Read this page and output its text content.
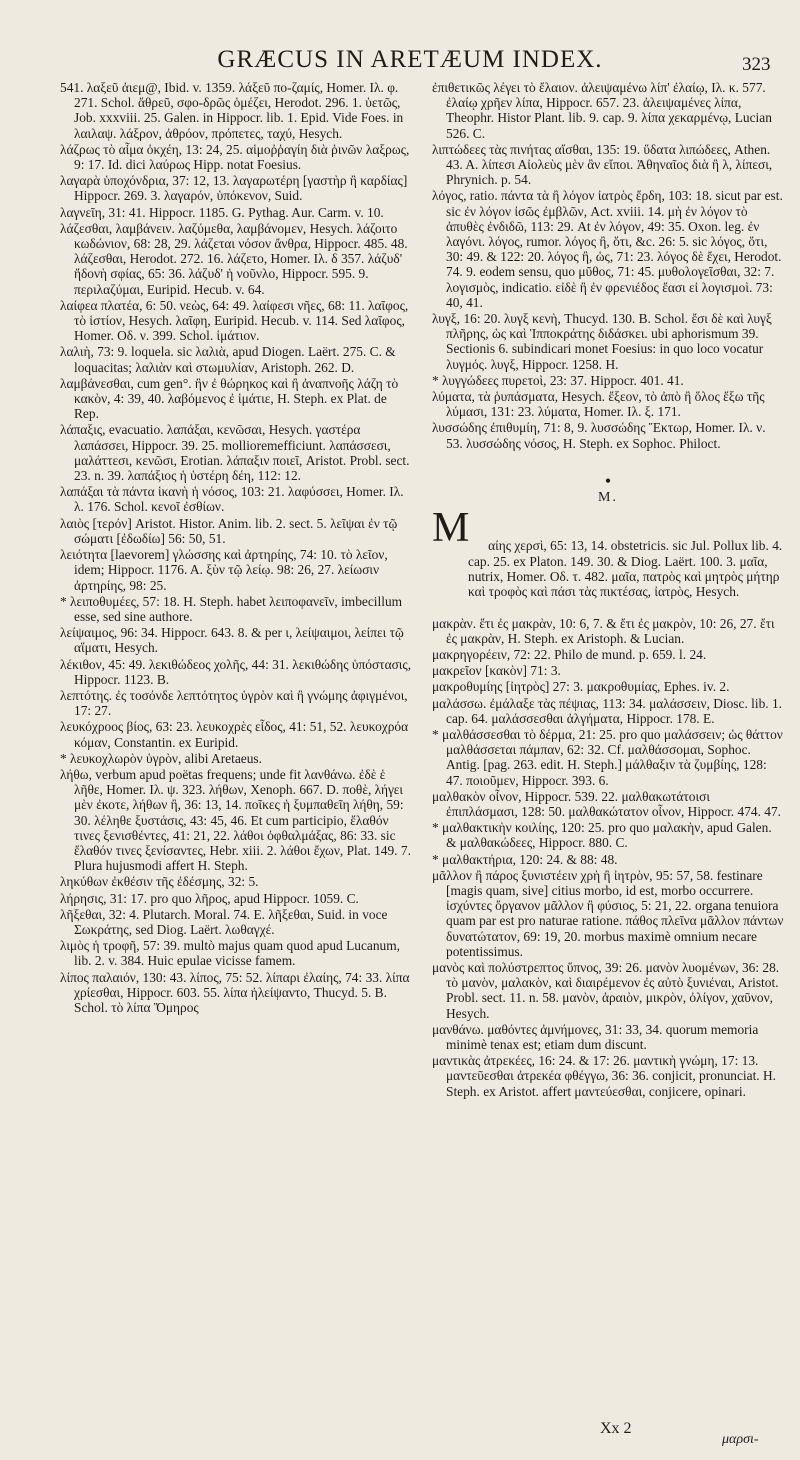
GRÆCUS IN ARETÆUM INDEX.	323
541. λαξεῦ ἀιεμ@, Ibid. v. 1359. λάξεῦ πο-ζαμίς, Homer. Ιλ. φ. 271. Schol. ἄθρεῦ, σφο-δρῶς ὁμέζει, Herodot. 296. 1. ὑετῶς, Job. xxxviii. 25. Galen. in Hippocr. lib. 1. Epid. Vide Foes. in λαιλαψ. λάξρον, ἀθρόον, πρόπετες, ταχύ, Hesych.
λάζρως τὸ αἷμα ὀκχέη, 13: 24, 25. αἱμοῤῥαγίη διὰ ῥινῶν λαξρως, 9: 17. Id. dici λαύρως Hipp. notat Foesius.
λαγαρὰ ὑποχόνδρια, 37: 12, 13. λαγαρωτέρη [γαστὴρ ἢ καρδίας] Hippocr. 269. 3. λαγαρόν, ὑπόκενον, Suid.
λαγνεῖη, 31: 41. Hippocr. 1185. G. Pythag. Aur. Carm. v. 10.
λάζεσθαι, λαμβάνειν. λαζύμεθα, λαμβάνομεν, Hesych. λάζοιτο κωδώνιον, 68: 28, 29. λάζεται νόσον ἄνθρα, Hippocr. 485. 48. λάζεσθαι, Herodot. 272. 16. λάζετο, Homer. Ιλ. δ 357. λάζυδ' ἥδονὴ σφίας, 65: 36. λάζυδ' ἡ νοῦνλο, Hippocr. 595. 9. περιλαζύμαι, Euripid. Hecub. v. 64.
λαίφεα πλατέα, 6: 50. νεὼς, 64: 49. λαίφεσι νῆες, 68: 11. λαῖφος, τὸ ἱστίον, Hesych. λαῖφη, Euripid. Hecub. v. 114. Sed λαῖφος, Homer. Οδ. ν. 399. Schol. ἱμάτιον.
λαλιὴ, 73: 9. loquela. sic λαλιὰ, apud Diogen. Laërt. 275. C. & loquacitas; λαλιὰν καὶ στωμυλίαν, Aristoph. 262. D.
λαμβάνεσθαι, cum gen°. ἢν ἐ θώρηκος καὶ ἢ ἀναπνοῆς λάζη τὸ κακὸν, 4: 39, 40. λαβόμενος ἐ ἱμάτιε, H. Steph. ex Plat. de Rep.
λάπαξις, evacuatio. λαπάξαι, κενῶσαι, Hesych. γαστέρα λαπάσσει, Hippocr. 39. 25. mollioremefficiunt. λαπάσσεσι, μαλάττεσι, κενῶσι, Erotian. λάπαξιν ποιεῖ, Aristot. Probl. sect. 23. n. 39. λαπάξιος ἡ ὑστέρη δέη, 112: 12.
λαπάξαι τὰ πάντα ἱκανὴ ἡ νόσος, 103: 21. λαφύσσει, Homer. Ιλ. λ. 176. Schol. κενοῖ ἐσθίων.
λαιὸς [τερόν] Aristot. Histor. Anim. lib. 2. sect. 5. λεῖψαι ἐν τῷ σώματι [ἐδωδίω] 56: 50, 51.
λειότητα [laevorem] γλώσσης καὶ ἀρτηρίης, 74: 10. τὸ λεῖον, idem; Hippocr. 1176. A. ξὺν τῷ λείῳ. 98: 26, 27. λείωσιν ἀρτηρίης, 98: 25.
* λειποθυμέες, 57: 18. H. Steph. habet λειποφανεῖν, imbecillum esse, sed sine authore.
λείψαιμος, 96: 34. Hippocr. 643. 8. & per ι, λείψαιμοι, λείπει τῷ αἵματι, Hesych.
λέκιθον, 45: 49. λεκιθώδεος χολῆς, 44: 31. λεκιθώδης ὑπόστασις, Hippocr. 1123. B.
λεπτότης. ἐς τοσόνδε λεπτότητος ὑγρὸν καὶ ἢ γνώμης ἀφιγμένοι, 17: 27.
λευκόχροος βίος, 63: 23. λευκοχρὲς εἶδος, 41: 51, 52. λευκοχρόα κόμαν, Constantin. ex Euripid.
* λευκοχλωρὸν ὑγρὸν, alibi Aretaeus.
λήθω, verbum apud poëtas frequens; unde fit λανθάνω. ἐδὲ ἑ λῆθε, Homer. Ιλ. ψ. 323. λήθων, Xenoph. 667. D. ποθὲ, λήγει μὲν ἐκοτε, λήθων ἢ, 36: 13, 14. ποῖκες ἡ ξυμπαθεῖη λήθη, 59: 30. λέληθε ξυστάσις, 43: 45, 46. Et cum participio, ἔλαθόν τινες ξενισθέντες, 41: 21, 22. λάθοι ὀφθαλμάξας, 86: 33. sic ἔλαθόν τινες ξενίσαντες, Hebr. xiii. 2. λάθοι ἔχων, Plat. 149. 7. Plura hujusmodi affert H. Steph.
ληκύθων ἐκθέσιν τῆς ἐδέσμης, 32: 5.
λήρησις, 31: 17. pro quo λῆρος, apud Hippocr. 1059. C.
λῆξεθαι, 32: 4. Plutarch. Moral. 74. E. λῆξεθαι, Suid. in voce Σωκράτης, sed Diog. Laërt. λωθαγχέ.
λιμὸς ἡ τροφῆ, 57: 39. multò majus quam quod apud Lucanum, lib. 2. v. 384. Huic epulae vicisse famem.
λίπος παλαιόν, 130: 43. λίπος, 75: 52. λίπαρι ἐλαίης, 74: 33. λίπα χρίεσθαι, Hippocr. 603. 55. λίπα ἠλείψαντο, Thucyd. 5. B. Schol. τὸ λίπα Ὅμηρος
ἐπιθετικῶς λέγει τὸ ἔλαιον. ἀλειψαμένω λίπ' ἐλαίῳ, Ιλ. κ. 577. ἐλαίῳ χρῆεν λίπα, Hippocr. 657. 23. ἀλειψαμένες λίπα, Theophr. Histor Plant. lib. 9. cap. 9. λίπα χεκαρμένῳ, Lucian 526. C.
λιπτώδεες τὰς πινήτας αἴσθαι, 135: 19. ὕδατα λιπώδεες, Athen. 43. A. λίπεσι Αἰολεὺς μὲν ἂν εἴποι. Ἀθηναῖος διὰ ἢ λ, λίπεσι, Phrynich. p. 54.
λόγος, ratio. πάντα τὰ ἢ λόγον ἰατρὸς ἔρδη, 103: 18. sicut par est. sic ἐν λόγον ἰσῶς ἐμβλῶν, Act. xviii. 14. μὴ ἐν λόγον τὸ ἀπυθὲς ἐνδιδῶ, 113: 29. At ἐν λόγον, 49: 35. Oxon. leg. ἐν λαγόνι. λόγος, rumor. λόγος ἢ, ὅτι, &c. 26: 5. sic λόγος, ὅτι, 30: 49. & 122: 20. λόγος ἢ, ὡς, 71: 23. λόγος δὲ ἔχει, Herodot. 74. 9. eodem sensu, quo μῦθος, 71: 45. μυθολογεῖσθαι, 32: 7. λογισμὸς, indicatio. εἰδὲ ἢ ἐν φρενιέδος ἔασι εἰ λογισμοὶ. 73: 40, 41.
λυγξ, 16: 20. λυγξ κενὴ, Thucyd. 130. B. Schol. ἔσι δὲ καὶ λυγξ πλῆρης, ὡς καὶ Ἱπποκράτης διδάσκει. ubi aphorismum 39. Sectionis 6. subindicari monet Foesius: in quo loco vocatur λυγμός. λυγξ, Hippocr. 1258. H.
* λυγγώδεες πυρετοὶ, 23: 37. Hippocr. 401. 41.
λύματα, τὰ ῥυπάσματα, Hesych. ἔξεον, τὸ ἀπὸ ἢ ὅλος ἔξω τῆς λύμασι, 131: 23. λύματα, Homer. Ιλ. ξ. 171.
λυσσώδης ἐπιθυμίη, 71: 8, 9. λυσσώδης Ἕκτωρ, Homer. Ιλ. ν. 53. λυσσώδης νόσος, H. Steph. ex Sophoc. Philoct.
•
M.

M αίης χερσὶ, 65: 13, 14. obstetricis. sic Jul. Pollux lib. 4. cap. 25. ex Platon. 149. 30. & Diog. Laërt. 100. 3. μαῖα, nutrix, Homer. Οδ. τ. 482. μαῖα, πατρὸς καὶ μητρὸς μήτηρ καὶ τροφὸς καὶ πάσι τὰς πικτέσας, ἰατρὸς, Hesych.

μακρὰν. ἔτι ἐς μακρὰν, 10: 6, 7. & ἔτι ἐς μακρὸν, 10: 26, 27. ἔτι ἐς μακρὰν, H. Steph. ex Aristoph. & Lucian.
μακρηγορέειν, 72: 22. Philo de mund. p. 659. l. 24.
μακρεῖον [κακὸν] 71: 3.
μακροθυμίης [ἰητρὸς] 27: 3. μακροθυμίας, Ephes. iv. 2.
μαλάσσω. ἐμάλαξε τὰς πέψιας, 113: 34. μαλάσσειν, Diosc. lib. 1. cap. 64. μαλάσσεσθαι ἀλγήματα, Hippocr. 178. E.
* μαλθάσσεσθαι τὸ δέρμα, 21: 25. pro quo μαλάσσειν; ὡς θάττον μαλθάσσεται πάμπαν, 62: 32. Cf. μαλθάσσομαι, Sophoc. Antig. [pag. 263. edit. H. Steph.] μάλθαξιν τὰ ζυμβίης, 128: 47. ποιοῦμεν, Hippocr. 393. 6.
μαλθακὸν οἶνον, Hippocr. 539. 22. μαλθακωτάτοισι ἐπιπλάσμασι, 128: 50. μαλθακώτατον οἶνον, Hippocr. 474. 47.
* μαλθακτικὴν κοιλίης, 120: 25. pro quo μαλακὴν, apud Galen. & μαλθακώδεες, Hippocr. 880. C.
* μαλθακτήρια, 120: 24. & 88: 48.
μᾶλλον ἢ πάρος ξυνιστέειν χρὴ ἢ ἰητρὸν, 95: 57, 58. festinare [magis quam, sive] citius morbo, id est, morbo occurrere. ἰσχύντες ὄργανον μᾶλλον ἢ φύσιος, 5: 21, 22. organa tenuiora quam par est pro naturae ratione. πάθος πλεῖνα μᾶλλον πάντων δυνατώτατον, 69: 19, 20. morbus maximè omnium necare potentissimus.
μανὸς καὶ πολύστρεπτος ὕπνος, 39: 26. μανὸν λυομένων, 36: 28. τὸ μανὸν, μαλακὸν, καὶ διαιρέμενον ἐς αὐτὸ ξυνιέναι, Aristot. Probl. sect. 11. n. 58. μανὸν, ἀραιὸν, μικρὸν, ὀλίγον, χαῦνον, Hesych.
μανθάνω. μαθόντες ἀμνήμονες, 31: 33, 34. quorum memoria minimè tenax est; etiam dum discunt.
μαντικὰς ἀτρεκέες, 16: 24. & 17: 26. μαντικὴ γνώμη, 17: 13. μαντεῦεσθαι ἀτρεκέα φθέγγω, 36: 36. conjicit, pronunciat. H. Steph. ex Aristot. affert μαντεύεσθαι, conjicere, opinari.
Xx 2
μαρσι-
